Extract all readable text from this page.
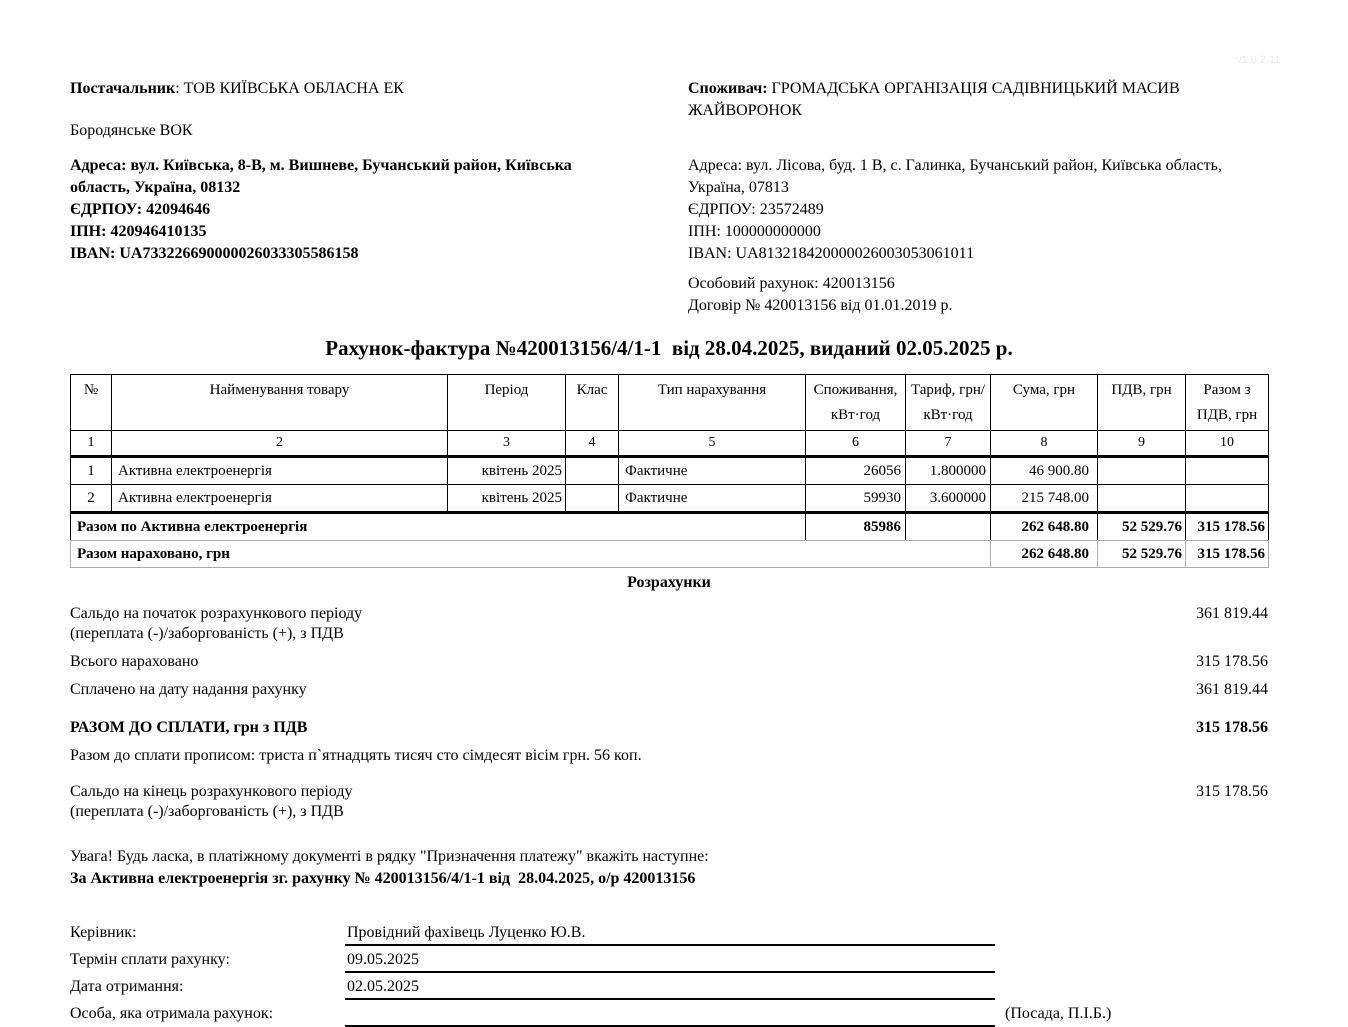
v1.0.2.11
Постачальник: ТОВ КИЇВСЬКА ОБЛАСНА ЕК
Бородянське ВОК
Адреса: вул. Київська, 8-В, м. Вишневе, Бучанський район, Київська область, Україна, 08132
ЄДРПОУ: 42094646
ІПН: 420946410135
IBAN: UA733226690000026033305586158
Споживач: ГРОМАДСЬКА ОРГАНІЗАЦІЯ САДІВНИЦЬКИЙ МАСИВ ЖАЙВОРОНОК
Адреса: вул. Лісова, буд. 1 В, с. Галинка, Бучанський район, Київська область, Україна, 07813
ЄДРПОУ: 23572489
ІПН: 100000000000
IBAN: UA813218420000026003053061011
Особовий рахунок: 420013156
Договір № 420013156 від 01.01.2019 р.
Рахунок-фактура №420013156/4/1-1  від 28.04.2025, виданий 02.05.2025 р.
№	Найменування товару	Період	Клас	Тип нарахування	Споживання, кВт·год	Тариф, грн/кВт·год	Сума, грн	ПДВ, грн	Разом з ПДВ, грн
1	2	3	4	5	6	7	8	9	10
1	Активна електроенергія	квітень 2025		Фактичне	26056	1.800000	46 900.80		
2	Активна електроенергія	квітень 2025		Фактичне	59930	3.600000	215 748.00		
Разом по Активна електроенергія					85986		262 648.80	52 529.76	315 178.56
Разом нараховано, грн							262 648.80	52 529.76	315 178.56
Розрахунки
Сальдо на початок розрахункового періоду
(переплата (-)/заборгованість (+), з ПДВ
361 819.44
Всього нараховано	315 178.56
Сплачено на дату надання рахунку	361 819.44
РАЗОМ ДО СПЛАТИ, грн з ПДВ	315 178.56
Разом до сплати прописом: триста п`ятнадцять тисяч сто сімдесят вісім грн. 56 коп.
Сальдо на кінець розрахункового періоду
(переплата (-)/заборгованість (+), з ПДВ
315 178.56
Увага! Будь ласка, в платіжному документі в рядку "Призначення платежу" вкажіть наступне:
За Активна електроенергія зг. рахунку № 420013156/4/1-1 від  28.04.2025, о/р 420013156
Керівник:	Провідний фахівець Луценко Ю.В.
Термін сплати рахунку:	09.05.2025
Дата отримання:	02.05.2025
Особа, яка отримала рахунок:	(Посада, П.І.Б.)
